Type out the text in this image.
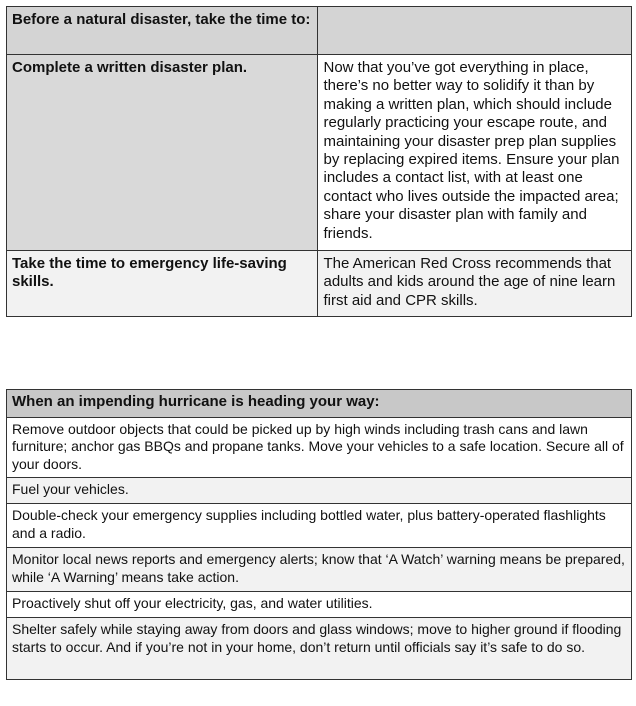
Before a natural disaster, take the time to:	
Complete a written disaster plan.	Now that you’ve got everything in place, there’s no better way to solidify it than by making a written plan, which should include regularly practicing your escape route, and maintaining your disaster prep plan supplies by replacing expired items. Ensure your plan includes a contact list, with at least one contact who lives outside the impacted area; share your disaster plan with family and friends.
Take the time to emergency life-saving skills.	The American Red Cross recommends that adults and kids around the age of nine learn first aid and CPR skills.
When an impending hurricane is heading your way:
Remove outdoor objects that could be picked up by high winds including trash cans and lawn furniture; anchor gas BBQs and propane tanks. Move your vehicles to a safe location. Secure all of your doors.
Fuel your vehicles.
Double-check your emergency supplies including bottled water, plus battery-operated flashlights and a radio.
Monitor local news reports and emergency alerts; know that ‘A Watch’ warning means be prepared, while ‘A Warning’ means take action.
Proactively shut off your electricity, gas, and water utilities.
Shelter safely while staying away from doors and glass windows; move to higher ground if flooding starts to occur. And if you’re not in your home, don’t return until officials say it’s safe to do so.
